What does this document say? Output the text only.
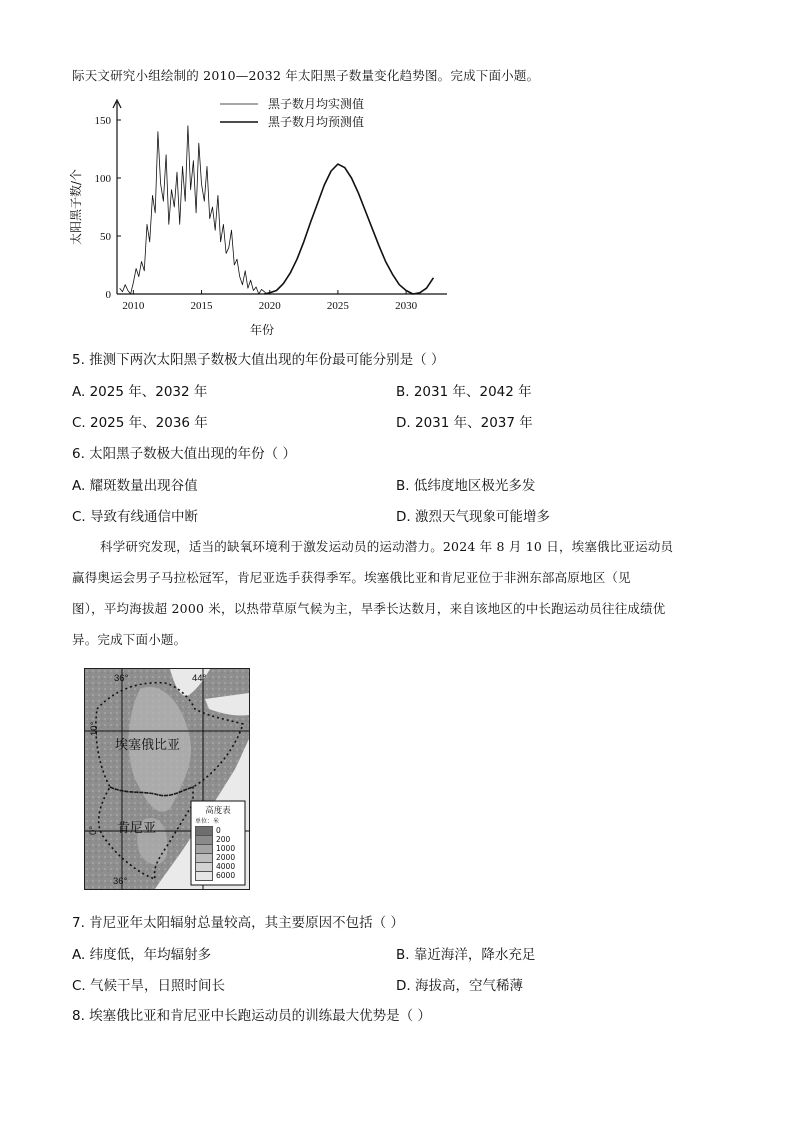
际天文研究小组绘制的 2010—2032 年太阳黑子数量变化趋势图。完成下面小题。
0
50
100
150
2010	2015	2020	2025	2030
年份
太阳黑子数/个
黑子数月均实测值
黑子数月均预测值
5. 推测下两次太阳黑子数极大值出现的年份最可能分别是（ ）
A. 2025 年、2032 年	B. 2031 年、2042 年
C. 2025 年、2036 年	D. 2031 年、2037 年
6. 太阳黑子数极大值出现的年份（ ）
A. 耀斑数量出现谷值	B. 低纬度地区极光多发
C. 导致有线通信中断	D. 激烈天气现象可能增多
科学研究发现，适当的缺氧环境利于激发运动员的运动潜力。2024 年 8 月 10 日，埃塞俄比亚运动员
赢得奥运会男子马拉松冠军，肯尼亚选手获得季军。埃塞俄比亚和肯尼亚位于非洲东部高原地区（见
图），平均海拔超 2000 米，以热带草原气候为主，旱季长达数月，来自该地区的中长跑运动员往往成绩优
异。完成下面小题。
36°	44°
36°
10°
0°
埃塞俄比亚
肯尼亚
高度表
单位：米
0
200
1000
2000
4000
6000
7. 肯尼亚年太阳辐射总量较高，其主要原因不包括（ ）
A. 纬度低，年均辐射多	B. 靠近海洋，降水充足
C. 气候干旱，日照时间长	D. 海拔高，空气稀薄
8. 埃塞俄比亚和肯尼亚中长跑运动员的训练最大优势是（ ）
